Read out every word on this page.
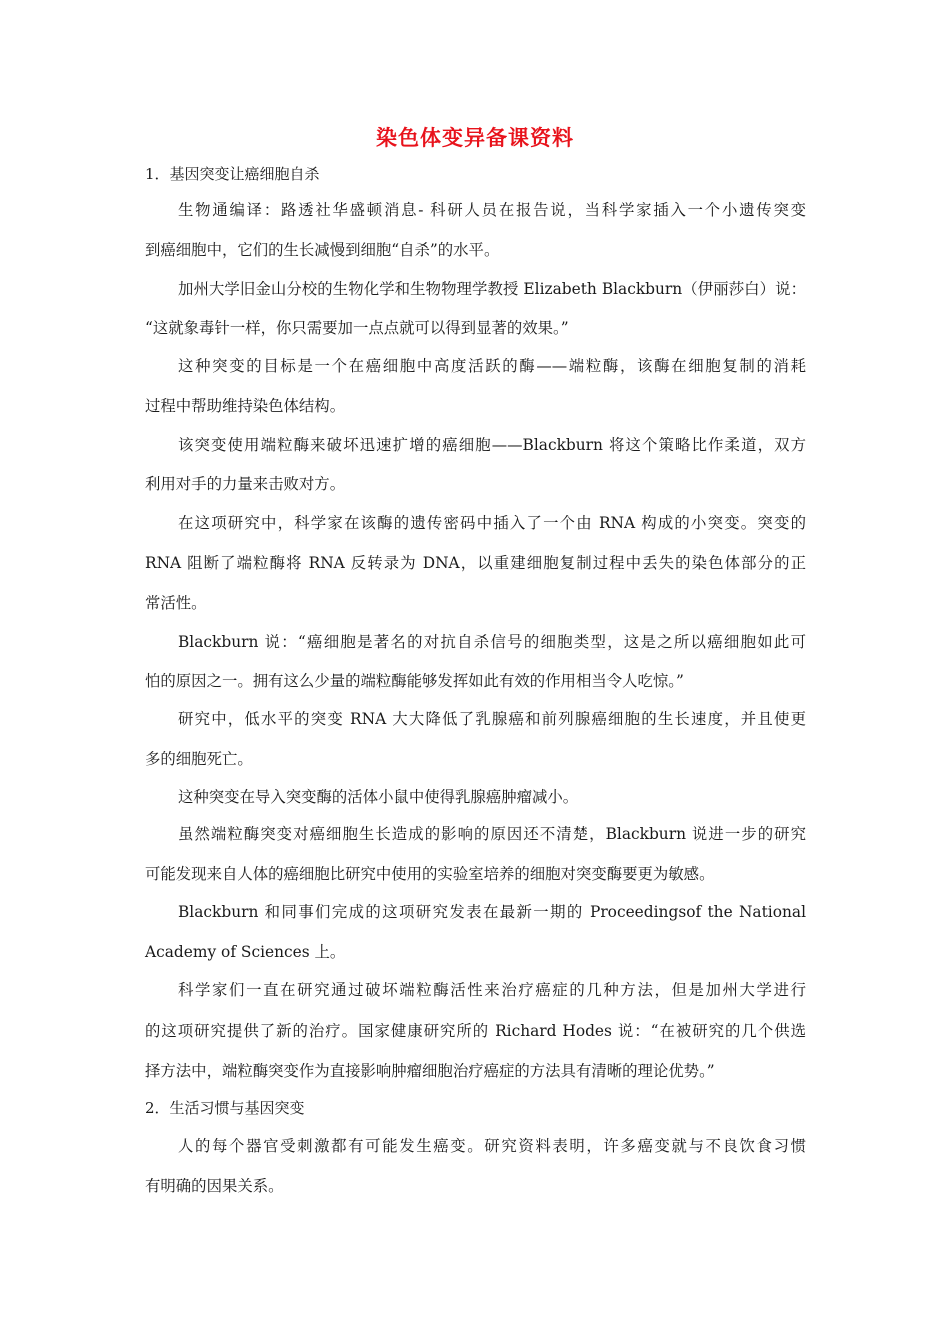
染色体变异备课资料
1．基因突变让癌细胞自杀
生物通编译：路透社华盛顿消息- 科研人员在报告说，当科学家插入一个小遗传突变
到癌细胞中，它们的生长减慢到细胞“自杀”的水平。
加州大学旧金山分校的生物化学和生物物理学教授 Elizabeth Blackburn（伊丽莎白）说：
“这就象毒针一样，你只需要加一点点就可以得到显著的效果。”
这种突变的目标是一个在癌细胞中高度活跃的酶——端粒酶，该酶在细胞复制的消耗
过程中帮助维持染色体结构。
该突变使用端粒酶来破坏迅速扩增的癌细胞——Blackburn 将这个策略比作柔道，双方
利用对手的力量来击败对方。
在这项研究中，科学家在该酶的遗传密码中插入了一个由 RNA 构成的小突变。突变的
RNA 阻断了端粒酶将 RNA 反转录为 DNA，以重建细胞复制过程中丢失的染色体部分的正
常活性。
Blackburn 说：“癌细胞是著名的对抗自杀信号的细胞类型，这是之所以癌细胞如此可
怕的原因之一。拥有这么少量的端粒酶能够发挥如此有效的作用相当令人吃惊。”
研究中，低水平的突变 RNA 大大降低了乳腺癌和前列腺癌细胞的生长速度，并且使更
多的细胞死亡。
这种突变在导入突变酶的活体小鼠中使得乳腺癌肿瘤减小。
虽然端粒酶突变对癌细胞生长造成的影响的原因还不清楚，Blackburn 说进一步的研究
可能发现来自人体的癌细胞比研究中使用的实验室培养的细胞对突变酶要更为敏感。
Blackburn 和同事们完成的这项研究发表在最新一期的 Proceedingsof the National
Academy of Sciences 上。
科学家们一直在研究通过破坏端粒酶活性来治疗癌症的几种方法，但是加州大学进行
的这项研究提供了新的治疗。国家健康研究所的 Richard Hodes 说：“在被研究的几个供选
择方法中，端粒酶突变作为直接影响肿瘤细胞治疗癌症的方法具有清晰的理论优势。”
2．生活习惯与基因突变
人的每个器官受刺激都有可能发生癌变。研究资料表明，许多癌变就与不良饮食习惯
有明确的因果关系。
